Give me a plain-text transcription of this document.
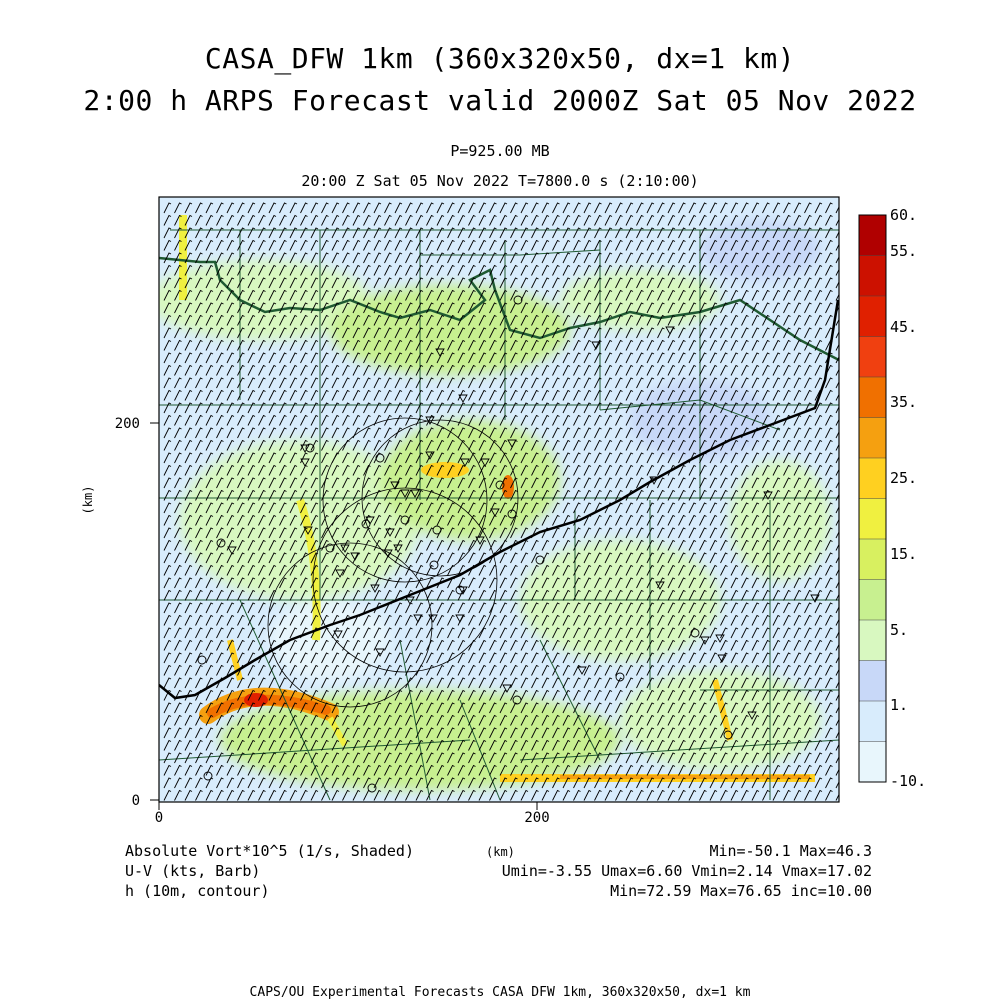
CASA_DFW 1km (360x320x50, dx=1 km)
2:00 h ARPS Forecast valid 2000Z Sat 05 Nov 2022
P=925.00 MB
20:00 Z Sat 05 Nov 2022 T=7800.0 s (2:10:00)
0
200
0	200
(km)
60.
55.
45.
35.
25.
15.
5.
1.
-10.
Absolute Vort*10^5 (1/s, Shaded)	(km)	Min=-50.1 Max=46.3
U-V (kts, Barb)	Umin=-3.55 Umax=6.60 Vmin=2.14 Vmax=17.02
h (10m, contour)	Min=72.59 Max=76.65 inc=10.00
CAPS/OU Experimental Forecasts CASA DFW 1km, 360x320x50, dx=1 km
